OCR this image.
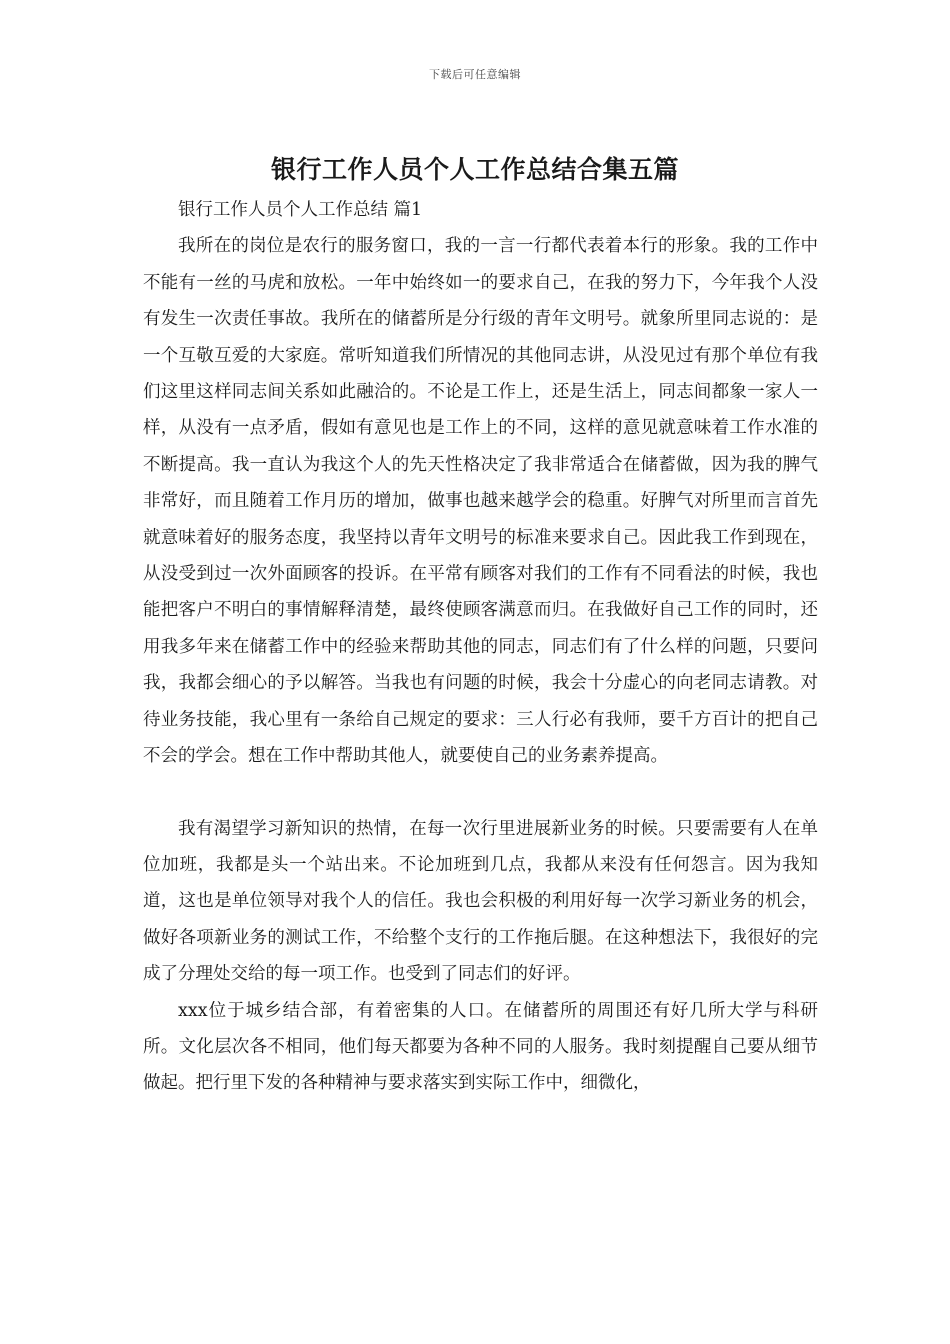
下载后可任意编辑
银行工作人员个人工作总结合集五篇

银行工作人员个人工作总结 篇1

我所在的岗位是农行的服务窗口，我的一言一行都代表着本行的形象。我的工作中不能有一丝的马虎和放松。一年中始终如一的要求自己，在我的努力下，今年我个人没有发生一次责任事故。我所在的储蓄所是分行级的青年文明号。就象所里同志说的：是一个互敬互爱的大家庭。常听知道我们所情况的其他同志讲，从没见过有那个单位有我们这里这样同志间关系如此融洽的。不论是工作上，还是生活上，同志间都象一家人一样，从没有一点矛盾，假如有意见也是工作上的不同，这样的意见就意味着工作水准的不断提高。我一直认为我这个人的先天性格决定了我非常适合在储蓄做，因为我的脾气非常好，而且随着工作月历的增加，做事也越来越学会的稳重。好脾气对所里而言首先就意味着好的服务态度，我坚持以青年文明号的标准来要求自己。因此我工作到现在，从没受到过一次外面顾客的投诉。在平常有顾客对我们的工作有不同看法的时候，我也能把客户不明白的事情解释清楚，最终使顾客满意而归。在我做好自己工作的同时，还用我多年来在储蓄工作中的经验来帮助其他的同志，同志们有了什么样的问题，只要问我，我都会细心的予以解答。当我也有问题的时候，我会十分虚心的向老同志请教。对待业务技能，我心里有一条给自己规定的要求：三人行必有我师，要千方百计的把自己不会的学会。想在工作中帮助其他人，就要使自己的业务素养提高。

我有渴望学习新知识的热情，在每一次行里进展新业务的时候。只要需要有人在单位加班，我都是头一个站出来。不论加班到几点，我都从来没有任何怨言。因为我知道，这也是单位领导对我个人的信任。我也会积极的利用好每一次学习新业务的机会，做好各项新业务的测试工作，不给整个支行的工作拖后腿。在这种想法下，我很好的完成了分理处交给的每一项工作。也受到了同志们的好评。

xxx位于城乡结合部，有着密集的人口。在储蓄所的周围还有好几所大学与科研所。文化层次各不相同，他们每天都要为各种不同的人服务。我时刻提醒自己要从细节做起。把行里下发的各种精神与要求落实到实际工作中，细微化，
